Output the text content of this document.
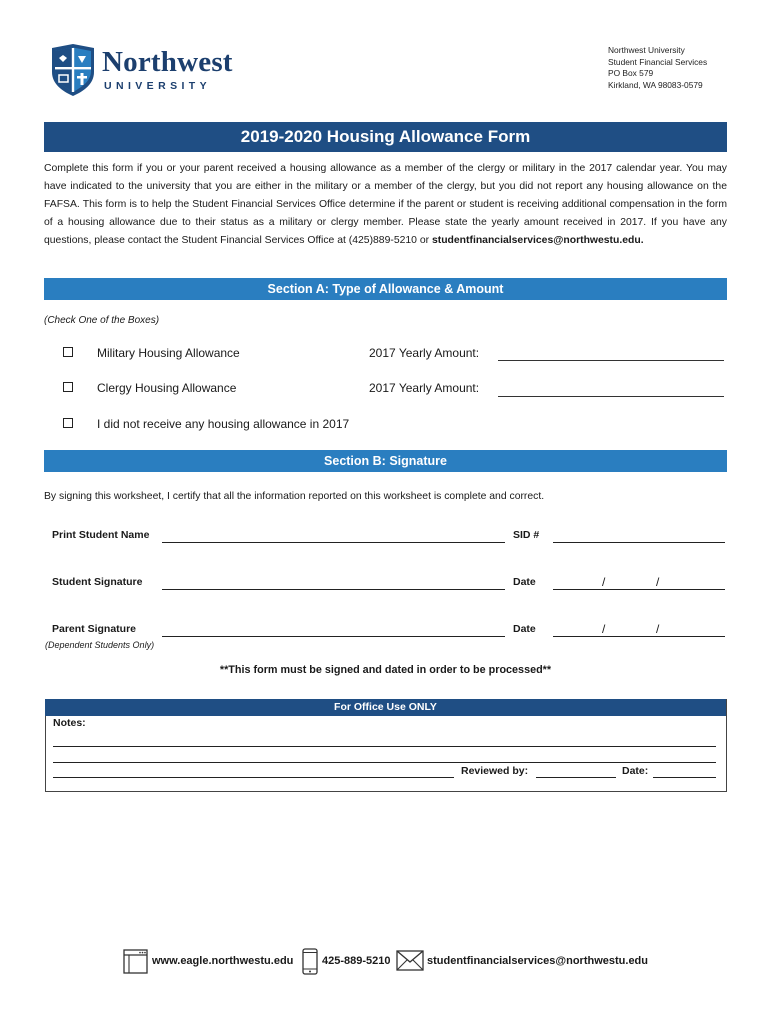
Northwest
UNIVERSITY
Northwest University
Student Financial Services
PO Box 579
Kirkland, WA 98083-0579
2019-2020 Housing Allowance Form
Complete this form if you or your parent received a housing allowance as a member of the clergy or military in the 2017 calendar year. You may have indicated to the university that you are either in the military or a member of the clergy, but you did not report any housing allowance on the FAFSA. This form is to help the Student Financial Services Office determine if the parent or student is receiving additional compensation in the form of a housing allowance due to their status as a military or clergy member. Please state the yearly amount received in 2017. If you have any questions, please contact the Student Financial Services Office at (425)889-5210 or studentfinancialservices@northwestu.edu.
Section A: Type of Allowance & Amount
(Check One of the Boxes)
Military Housing Allowance	2017 Yearly Amount:
Clergy Housing Allowance	2017 Yearly Amount:
I did not receive any housing allowance in 2017
Section B: Signature
By signing this worksheet, I certify that all the information reported on this worksheet is complete and correct.
Print Student Name	SID #
Student Signature	Date	/	/
Parent Signature	Date	/	/
(Dependent Students Only)
**This form must be signed and dated in order to be processed**
For Office Use ONLY
Notes:
Reviewed by:	Date:
www.eagle.northwestu.edu	425-889-5210	studentfinancialservices@northwestu.edu
